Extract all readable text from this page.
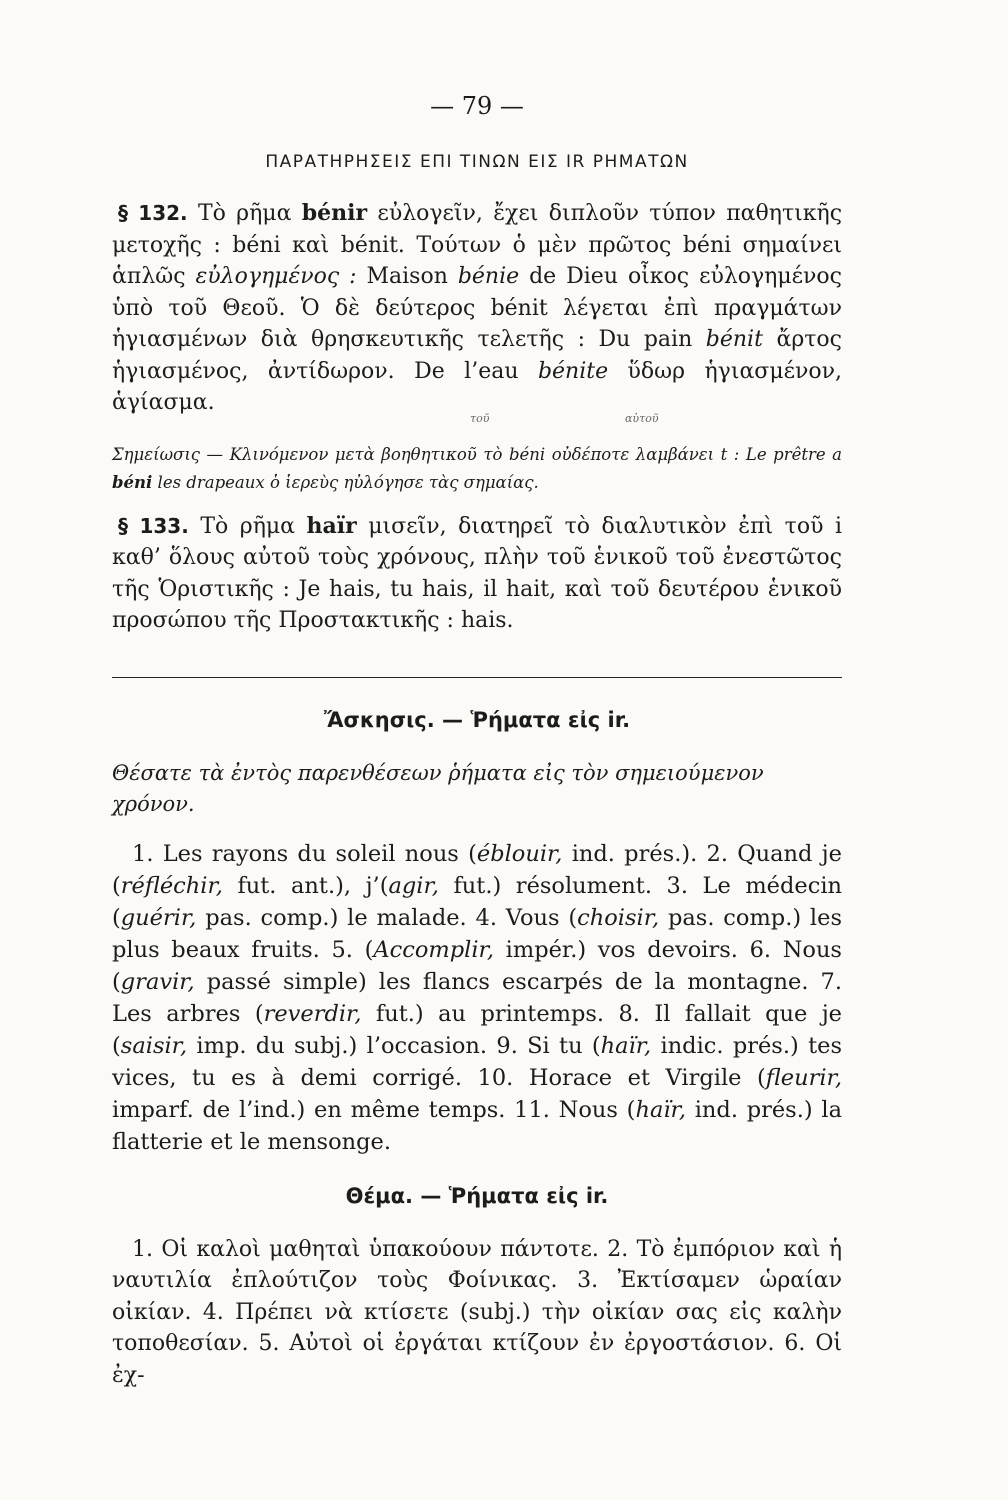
τοῦ	αὐτοῦ
— 79 —
ΠΑΡΑΤΗΡΗΣΕΙΣ ΕΠΙ ΤΙΝΩΝ ΕΙΣ IR ΡΗΜΑΤΩΝ

§ 132. Τὸ ρῆμα bénir εὐλογεῖν, ἔχει διπλοῦν τύπον παθητικῆς μετοχῆς : béni καὶ bénit. Τούτων ὁ μὲν πρῶτος béni σημαίνει ἁπλῶς εὐλογημένος : Maison bénie de Dieu οἶκος εὐλογημένος ὑπὸ τοῦ Θεοῦ. Ὁ δὲ δεύτερος bénit λέγεται ἐπὶ πραγμάτων ἡγιασμένων διὰ θρησκευτικῆς τελετῆς : Du pain bénit ἄρτος ἡγιασμένος, ἀντίδωρον. De l’eau bénite ὕδωρ ἡγιασμένον, ἁγίασμα.

Σημείωσις — Κλινόμενον μετὰ βοηθητικοῦ τὸ béni οὐδέποτε λαμβάνει t : Le prêtre a béni les drapeaux ὁ ἱερεὺς ηὐλόγησε τὰς σημαίας.

§ 133. Τὸ ρῆμα haïr μισεῖν, διατηρεῖ τὸ διαλυτικὸν ἐπὶ τοῦ i καθ’ ὅλους αὐτοῦ τοὺς χρόνους, πλὴν τοῦ ἑνικοῦ τοῦ ἐνεστῶτος τῆς Ὁριστικῆς : Je hais, tu hais, il hait, καὶ τοῦ δευτέρου ἑνικοῦ προσώπου τῆς Προστακτικῆς : hais.

Ἄσκησις. — Ῥήματα εἰς ir.

Θέσατε τὰ ἐντὸς παρενθέσεων ῥήματα εἰς τὸν σημειούμενον χρόνον.

1. Les rayons du soleil nous (éblouir, ind. prés.). 2. Quand je (réfléchir, fut. ant.), j’(agir, fut.) résolument. 3. Le médecin (guérir, pas. comp.) le malade. 4. Vous (choisir, pas. comp.) les plus beaux fruits. 5. (Accomplir, impér.) vos devoirs. 6. Nous (gravir, passé simple) les flancs escarpés de la montagne. 7. Les arbres (reverdir, fut.) au printemps. 8. Il fallait que je (saisir, imp. du subj.) l’occasion. 9. Si tu (haïr, indic. prés.) tes vices, tu es à demi corrigé. 10. Horace et Virgile (fleurir, imparf. de l’ind.) en même temps. 11. Nous (haïr, ind. prés.) la flatterie et le mensonge.

Θέμα. — Ῥήματα εἰς ir.

1. Οἱ καλοὶ μαθηταὶ ὑπακούουν πάντοτε. 2. Τὸ ἐμπόριον καὶ ἡ ναυτιλία ἐπλούτιζον τοὺς Φοίνικας. 3. Ἐκτίσαμεν ὡραίαν οἰκίαν. 4. Πρέπει νὰ κτίσετε (subj.) τὴν οἰκίαν σας εἰς καλὴν τοποθεσίαν. 5. Αὐτοὶ οἱ ἐργάται κτίζουν ἐν ἐργοστάσιον. 6. Οἱ ἐχ-
